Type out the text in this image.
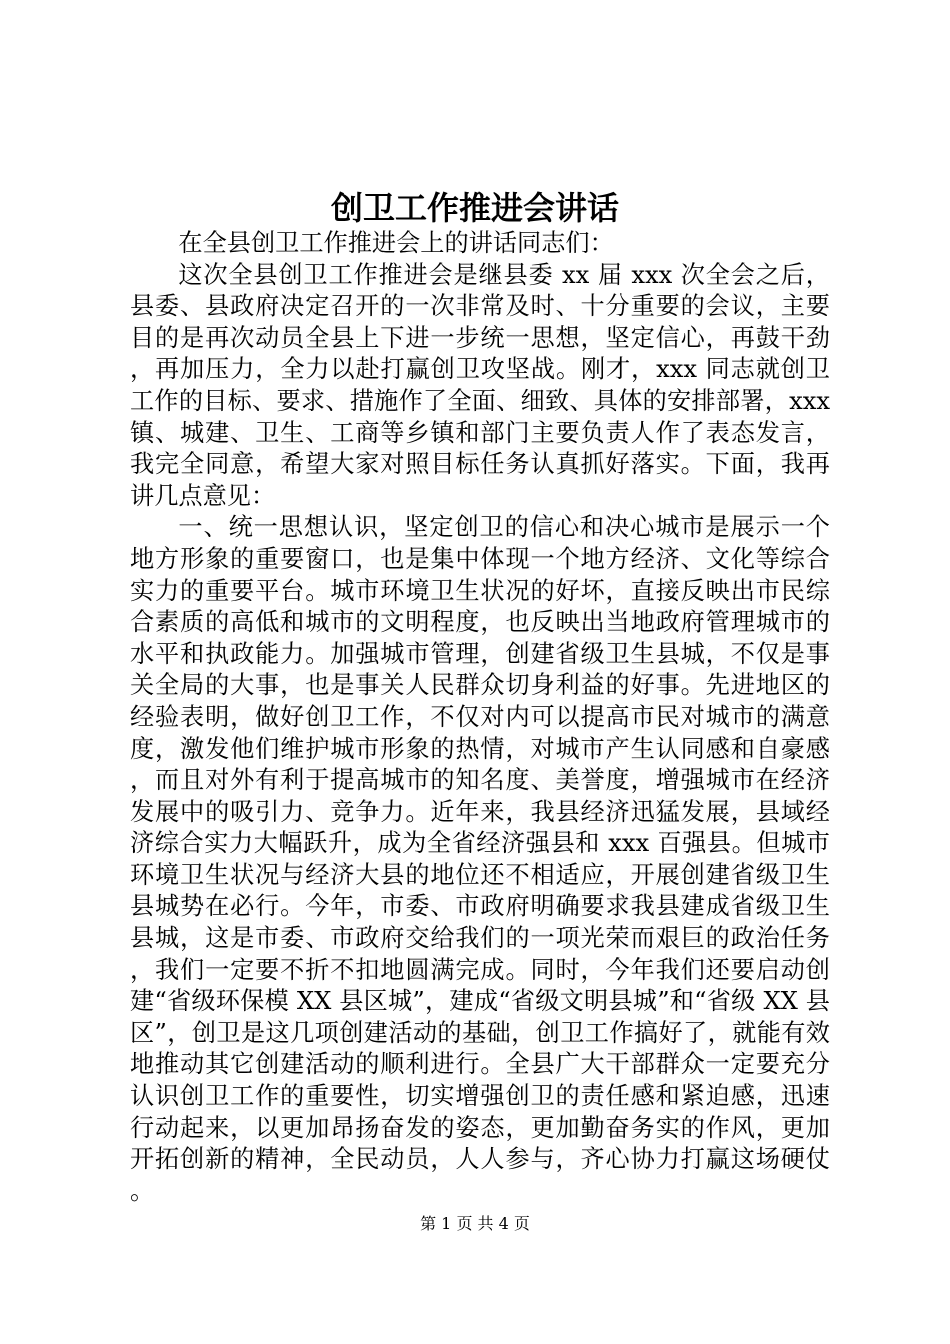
创卫工作推进会讲话

在全县创卫工作推进会上的讲话同志们：

这次全县创卫工作推进会是继县委 xx 届 xxx 次全会之后，县委、县政府决定召开的一次非常及时、十分重要的会议，主要目的是再次动员全县上下进一步统一思想，坚定信心，再鼓干劲，再加压力，全力以赴打赢创卫攻坚战。刚才，xxx 同志就创卫工作的目标、要求、措施作了全面、细致、具体的安排部署，xxx 镇、城建、卫生、工商等乡镇和部门主要负责人作了表态发言，我完全同意，希望大家对照目标任务认真抓好落实。下面，我再讲几点意见：

一、统一思想认识，坚定创卫的信心和决心城市是展示一个地方形象的重要窗口，也是集中体现一个地方经济、文化等综合实力的重要平台。城市环境卫生状况的好坏，直接反映出市民综合素质的高低和城市的文明程度，也反映出当地政府管理城市的水平和执政能力。加强城市管理，创建省级卫生县城，不仅是事关全局的大事，也是事关人民群众切身利益的好事。先进地区的经验表明，做好创卫工作，不仅对内可以提高市民对城市的满意度，激发他们维护城市形象的热情，对城市产生认同感和自豪感，而且对外有利于提高城市的知名度、美誉度，增强城市在经济发展中的吸引力、竞争力。近年来，我县经济迅猛发展，县域经济综合实力大幅跃升，成为全省经济强县和 xxx 百强县。但城市环境卫生状况与经济大县的地位还不相适应，开展创建省级卫生县城势在必行。今年，市委、市政府明确要求我县建成省级卫生县城，这是市委、市政府交给我们的一项光荣而艰巨的政治任务，我们一定要不折不扣地圆满完成。同时，今年我们还要启动创建“省级环保模 XX 县区城”，建成“省级文明县城”和“省级 XX 县区”，创卫是这几项创建活动的基础，创卫工作搞好了，就能有效地推动其它创建活动的顺利进行。全县广大干部群众一定要充分认识创卫工作的重要性，切实增强创卫的责任感和紧迫感，迅速行动起来，以更加昂扬奋发的姿态，更加勤奋务实的作风，更加开拓创新的精神，全民动员，人人参与，齐心协力打赢这场硬仗。

第 1 页 共 4 页
